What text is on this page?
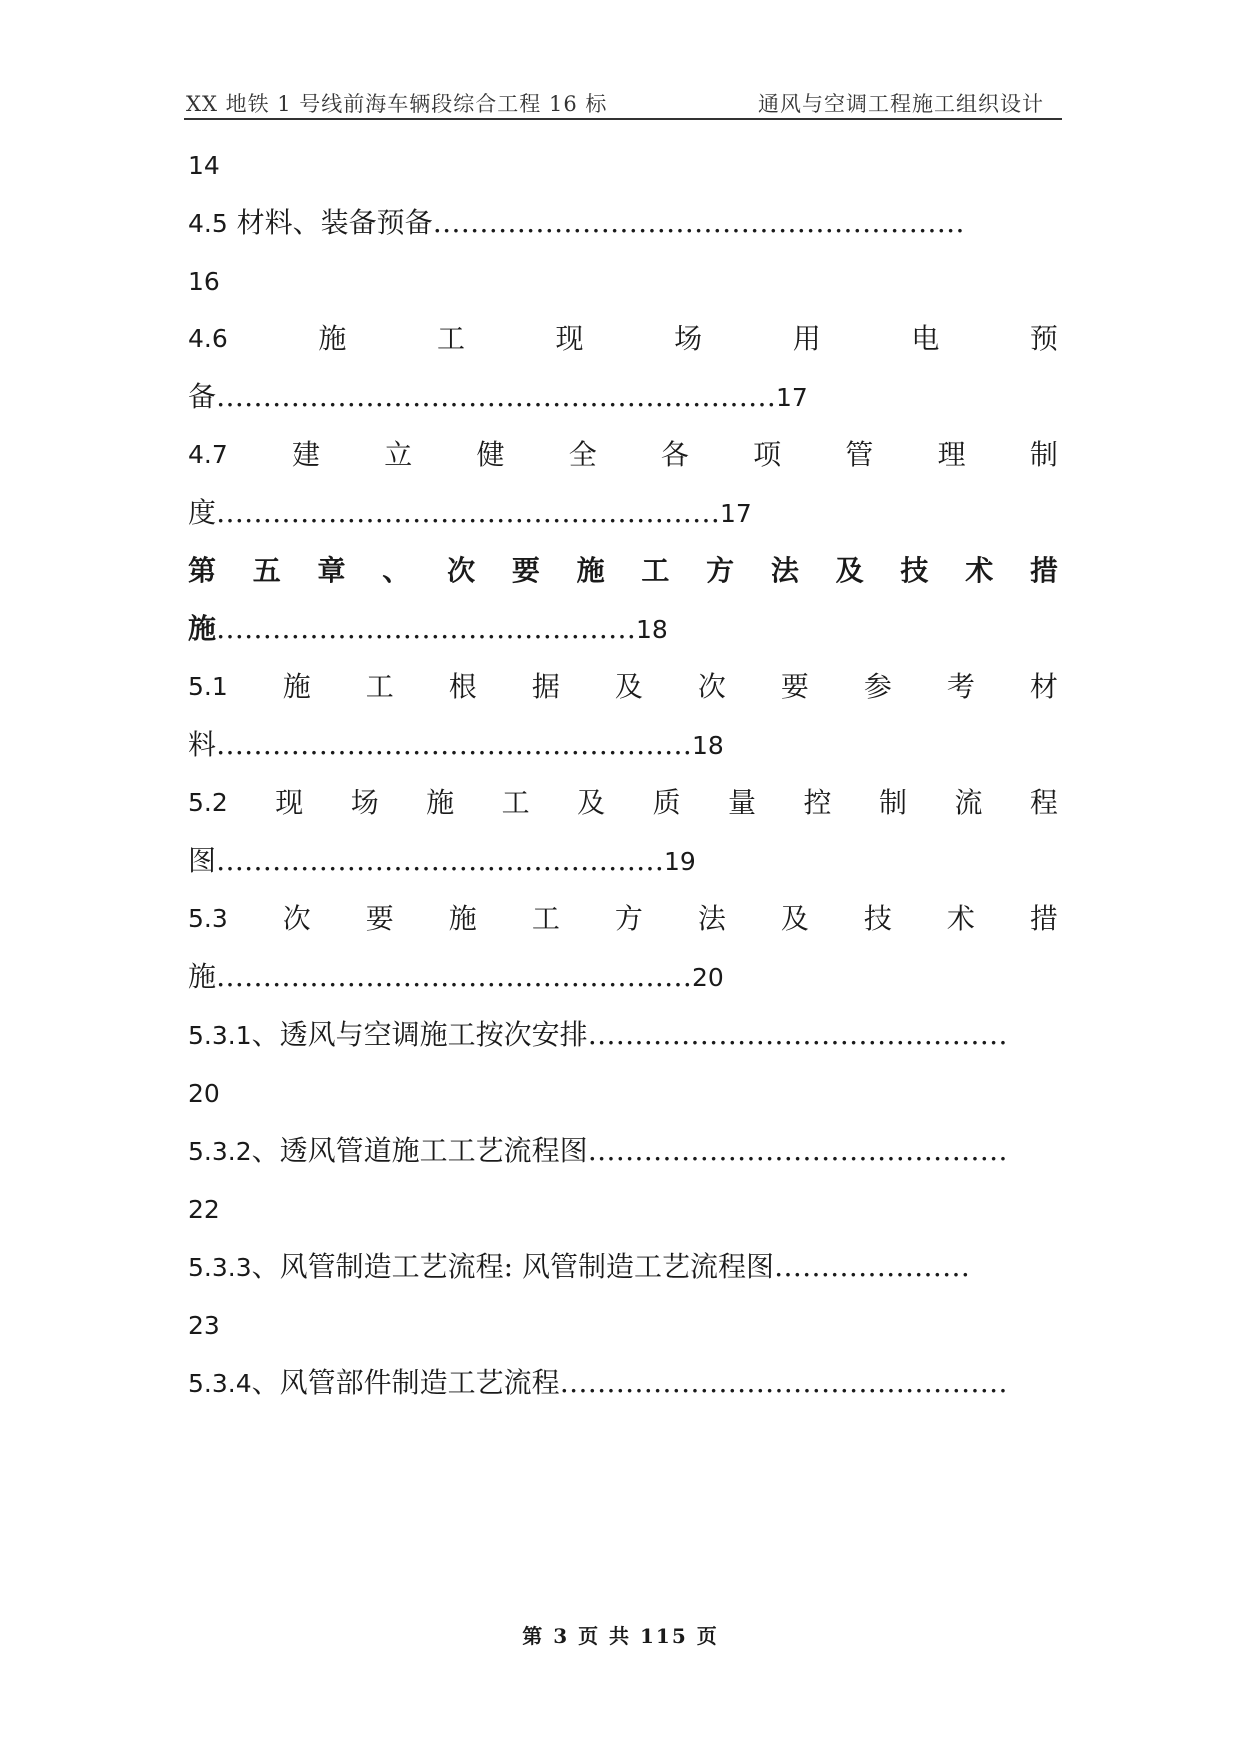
XX 地铁 1 号线前海车辆段综合工程 16 标	通风与空调工程施工组织设计
14
4.5 材料、装备预备…………………………………………………
16
4.6	施	工	现	场	用	电	预
备……………………………………………………17
4.7 建 立 健 全 各 项 管 理 制
度………………………………………………17
第 五 章 、 次 要 施 工 方 法 及 技 术 措
施………………………………………18
5.1 施 工 根 据 及 次 要 参 考 材
料……………………………………………18
5.2 现 场 施 工 及 质 量 控 制 流 程
图…………………………………………19
5.3 次 要 施 工 方 法 及 技 术 措
施……………………………………………20
5.3.1、透风与空调施工按次安排………………………………………
20
5.3.2、透风管道施工工艺流程图………………………………………
22
5.3.3、风管制造工艺流程: 风管制造工艺流程图…………………
23
5.3.4、风管部件制造工艺流程…………………………………………
第 3 页 共 115 页
